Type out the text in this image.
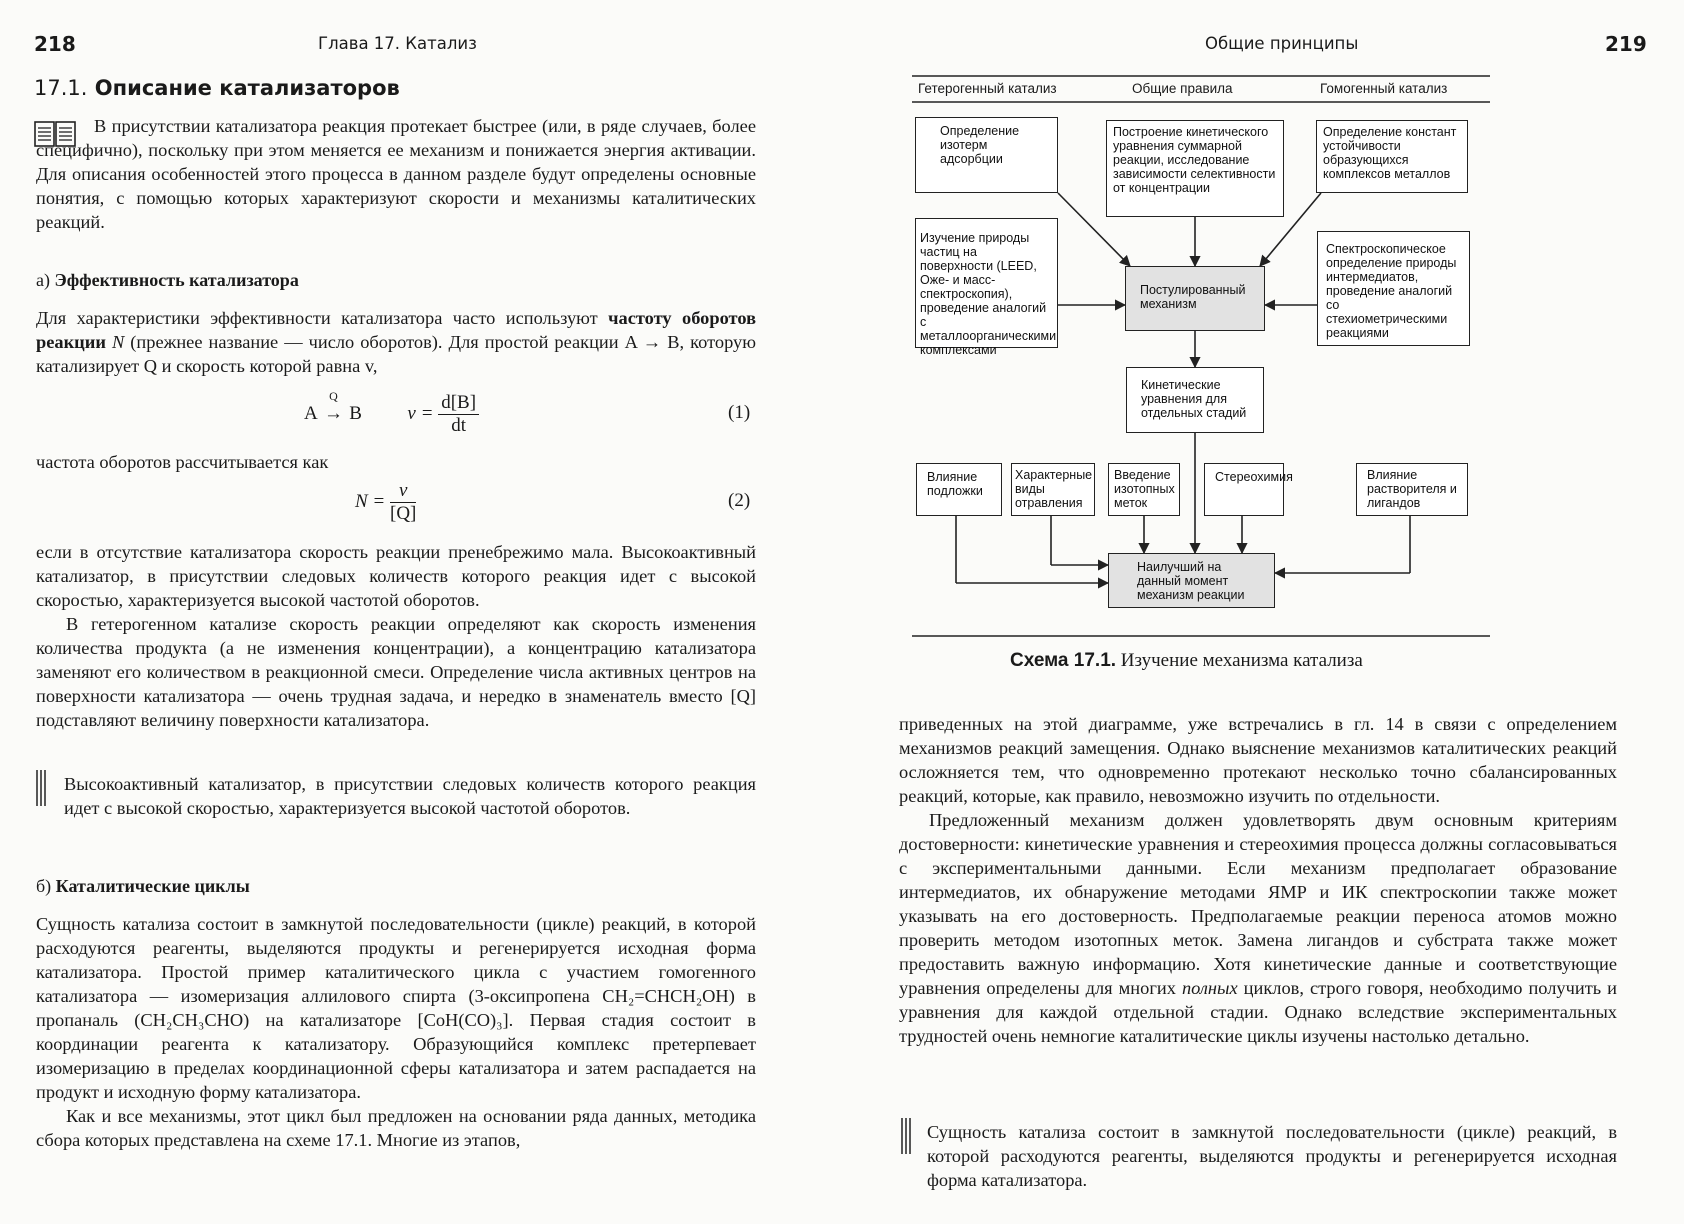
218	Глава 17. Катализ
17.1. Описание катализаторов

В присутствии катализатора реакция протекает быстрее (или, в ряде случаев, более специфично), поскольку при этом меняется ее механизм и понижается энергия активации. Для описания особенностей этого процесса в данном разделе будут определены основные понятия, с помощью которых характеризуют скорости и механизмы каталитических реакций.

а) Эффективность катализатора

Для характеристики эффективности катализатора часто используют частоту оборотов реакции N (прежнее название — число оборотов). Для простой реакции A → B, которую катализирует Q и скорость которой равна v,

A
Q
→ B $v = \frac{d[B]}{dt}$	(1)

частота оборотов рассчитывается как

$N = \frac{v}{[Q]}$	(2)

если в отсутствие катализатора скорость реакции пренебрежимо мала. Высокоактивный катализатор, в присутствии следовых количеств которого реакция идет с высокой скоростью, характеризуется высокой частотой оборотов.

В гетерогенном катализе скорость реакции определяют как скорость изменения количества продукта (а не изменения концентрации), а концентрацию катализатора заменяют его количеством в реакционной смеси. Определение числа активных центров на поверхности катализатора — очень трудная задача, и нередко в знаменатель вместо [Q] подставляют величину поверхности катализатора.

Высокоактивный катализатор, в присутствии следовых количеств которого реакция идет с высокой скоростью, характеризуется высокой частотой оборотов.

б) Каталитические циклы

Сущность катализа состоит в замкнутой последовательности (цикле) реакций, в которой расходуются реагенты, выделяются продукты и регенерируется исходная форма катализатора. Простой пример каталитического цикла с участием гомогенного катализатора — изомеризация аллилового спирта (3-оксипропена CH₂=CHCH₂OH) в пропаналь (CH₂CH₃CHO) на катализаторе [CoH(CO)₃]. Первая стадия состоит в координации реагента к катализатору. Образующийся комплекс претерпевает изомеризацию в пределах координационной сферы катализатора и затем распадается на продукт и исходную форму катализатора.

Как и все механизмы, этот цикл был предложен на основании ряда данных, методика сбора которых представлена на схеме 17.1. Многие из этапов,

Общие принципы	219
Гетерогенный катализ	Общие правила	Гомогенный катализ
Определение изотерм адсорбции
Построение кинетического уравнения суммарной реакции, исследование зависимости селективности от концентрации
Определение констант устойчивости образующихся комплексов металлов
Изучение природы частиц на поверхности (LEED, Оже- и масс-спектроскопия), проведение аналогий с металлоорганическими комплексами
Постулированный механизм
Спектроскопическое определение природы интермедиатов, проведение аналогий со стехиометрическими реакциями
Кинетические уравнения для отдельных стадий
Влияние подложки
Характерные виды отравления
Введение изотопных меток
Стереохимия	Влияние растворителя и лигандов
Наилучший на данный момент механизм реакции
Схема 17.1. Изучение механизма катализа

приведенных на этой диаграмме, уже встречались в гл. 14 в связи с определением механизмов реакций замещения. Однако выяснение механизмов каталитических реакций осложняется тем, что одновременно протекают несколько точно сбалансированных реакций, которые, как правило, невозможно изучить по отдельности.

Предложенный механизм должен удовлетворять двум основным критериям достоверности: кинетические уравнения и стереохимия процесса должны согласовываться с экспериментальными данными. Если механизм предполагает образование интермедиатов, их обнаружение методами ЯМР и ИК спектроскопии также может указывать на его достоверность. Предполагаемые реакции переноса атомов можно проверить методом изотопных меток. Замена лигандов и субстрата также может предоставить важную информацию. Хотя кинетические данные и соответствующие уравнения определены для многих полных циклов, строго говоря, необходимо получить и уравнения для каждой отдельной стадии. Однако вследствие экспериментальных трудностей очень немногие каталитические циклы изучены настолько детально.

Сущность катализа состоит в замкнутой последовательности (цикле) реакций, в которой расходуются реагенты, выделяются продукты и регенерируется исходная форма катализатора.
